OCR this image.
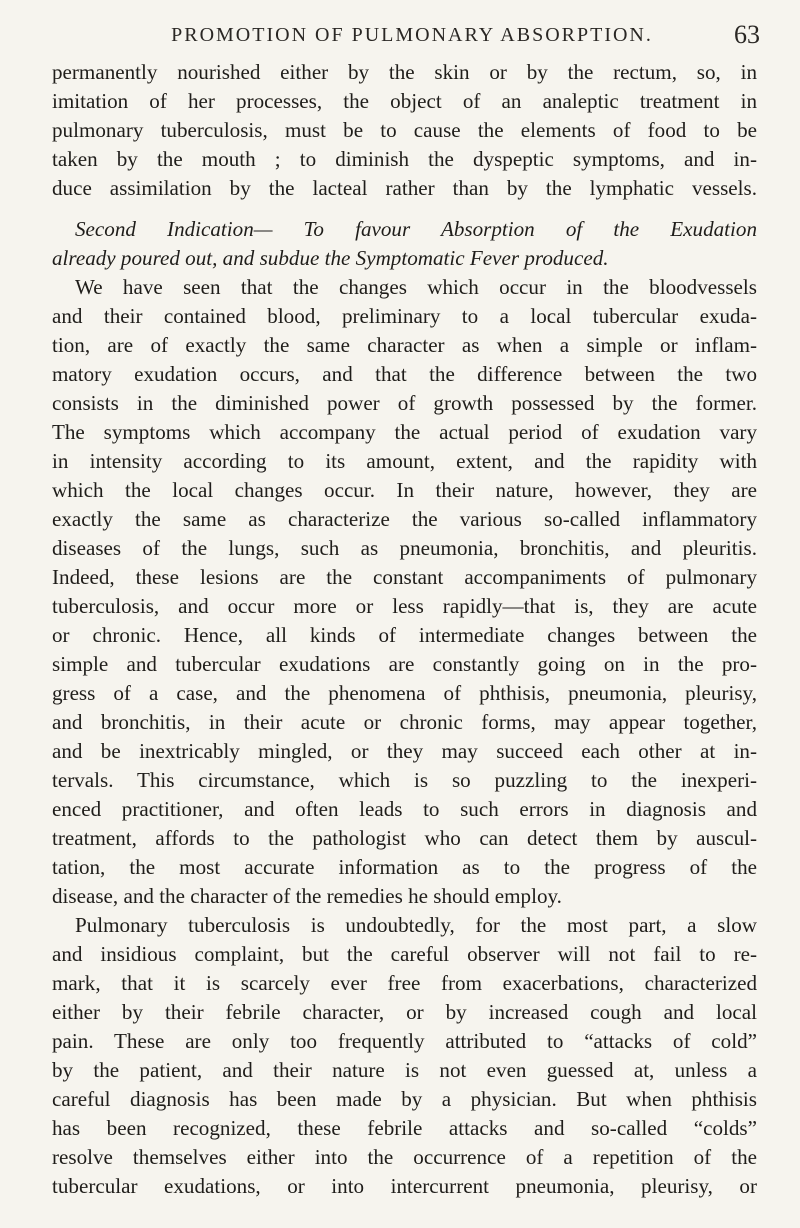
PROMOTION OF PULMONARY ABSORPTION.	63
permanently nourished either by the skin or by the rectum, so, in
imitation of her processes, the object of an analeptic treatment in
pulmonary tuberculosis, must be to cause the elements of food to be
taken by the mouth ; to diminish the dyspeptic symptoms, and in-
duce assimilation by the lacteal rather than by the lymphatic vessels.
Second Indication— To favour Absorption of the Exudation
already poured out, and subdue the Symptomatic Fever produced.
We have seen that the changes which occur in the bloodvessels
and their contained blood, preliminary to a local tubercular exuda-
tion, are of exactly the same character as when a simple or inflam-
matory exudation occurs, and that the difference between the two
consists in the diminished power of growth possessed by the former.
The symptoms which accompany the actual period of exudation vary
in intensity according to its amount, extent, and the rapidity with
which the local changes occur. In their nature, however, they are
exactly the same as characterize the various so-called inflammatory
diseases of the lungs, such as pneumonia, bronchitis, and pleuritis.
Indeed, these lesions are the constant accompaniments of pulmonary
tuberculosis, and occur more or less rapidly—that is, they are acute
or chronic. Hence, all kinds of intermediate changes between the
simple and tubercular exudations are constantly going on in the pro-
gress of a case, and the phenomena of phthisis, pneumonia, pleurisy,
and bronchitis, in their acute or chronic forms, may appear together,
and be inextricably mingled, or they may succeed each other at in-
tervals. This circumstance, which is so puzzling to the inexperi-
enced practitioner, and often leads to such errors in diagnosis and
treatment, affords to the pathologist who can detect them by auscul-
tation, the most accurate information as to the progress of the
disease, and the character of the remedies he should employ.
Pulmonary tuberculosis is undoubtedly, for the most part, a slow
and insidious complaint, but the careful observer will not fail to re-
mark, that it is scarcely ever free from exacerbations, characterized
either by their febrile character, or by increased cough and local
pain. These are only too frequently attributed to “attacks of cold”
by the patient, and their nature is not even guessed at, unless a
careful diagnosis has been made by a physician. But when phthisis
has been recognized, these febrile attacks and so-called “colds”
resolve themselves either into the occurrence of a repetition of the
tubercular exudations, or into intercurrent pneumonia, pleurisy, or
